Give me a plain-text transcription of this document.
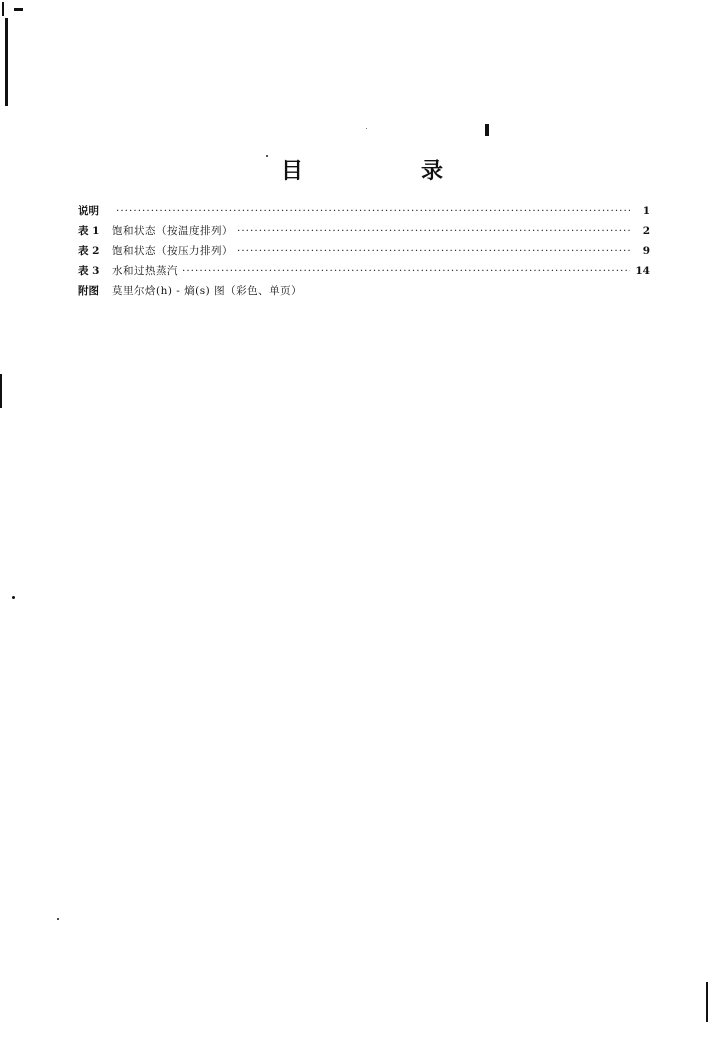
目	录
说明 ·····	1
表 1	饱和状态（按温度排列） ·····	2
表 2	饱和状态（按压力排列） ·····	9
表 3	水和过热蒸汽 ·····	14
附图	莫里尔焓(h) - 熵(s) 图（彩色、单页）
